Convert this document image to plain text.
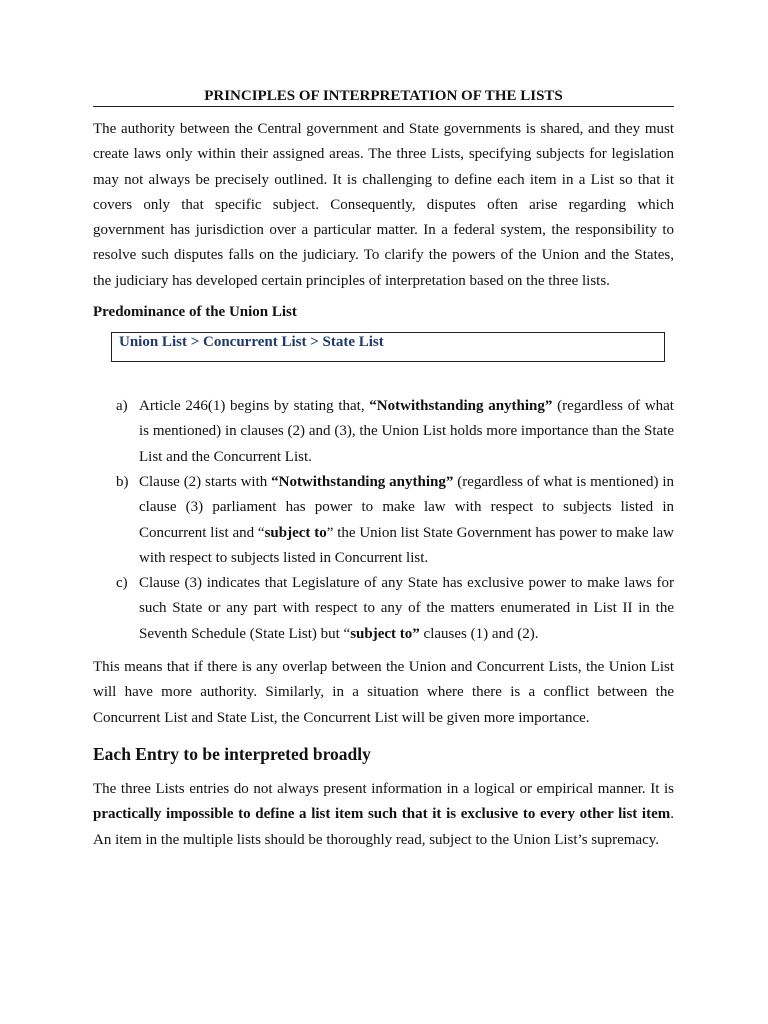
PRINCIPLES OF INTERPRETATION OF THE LISTS

The authority between the Central government and State governments is shared, and they must create laws only within their assigned areas. The three Lists, specifying subjects for legislation may not always be precisely outlined. It is challenging to define each item in a List so that it covers only that specific subject. Consequently, disputes often arise regarding which government has jurisdiction over a particular matter. In a federal system, the responsibility to resolve such disputes falls on the judiciary. To clarify the powers of the Union and the States, the judiciary has developed certain principles of interpretation based on the three lists.

Predominance of the Union List
Union List > Concurrent List > State List
a) Article 246(1) begins by stating that, “Notwithstanding anything” (regardless of what is mentioned) in clauses (2) and (3), the Union List holds more importance than the State List and the Concurrent List.
b) Clause (2) starts with “Notwithstanding anything” (regardless of what is mentioned) in clause (3) parliament has power to make law with respect to subjects listed in Concurrent list and “subject to” the Union list State Government has power to make law with respect to subjects listed in Concurrent list.
c) Clause (3) indicates that Legislature of any State has exclusive power to make laws for such State or any part with respect to any of the matters enumerated in List II in the Seventh Schedule (State List) but “subject to” clauses (1) and (2).

This means that if there is any overlap between the Union and Concurrent Lists, the Union List will have more authority. Similarly, in a situation where there is a conflict between the Concurrent List and State List, the Concurrent List will be given more importance.

Each Entry to be interpreted broadly

The three Lists entries do not always present information in a logical or empirical manner. It is practically impossible to define a list item such that it is exclusive to every other list item. An item in the multiple lists should be thoroughly read, subject to the Union List’s supremacy.
